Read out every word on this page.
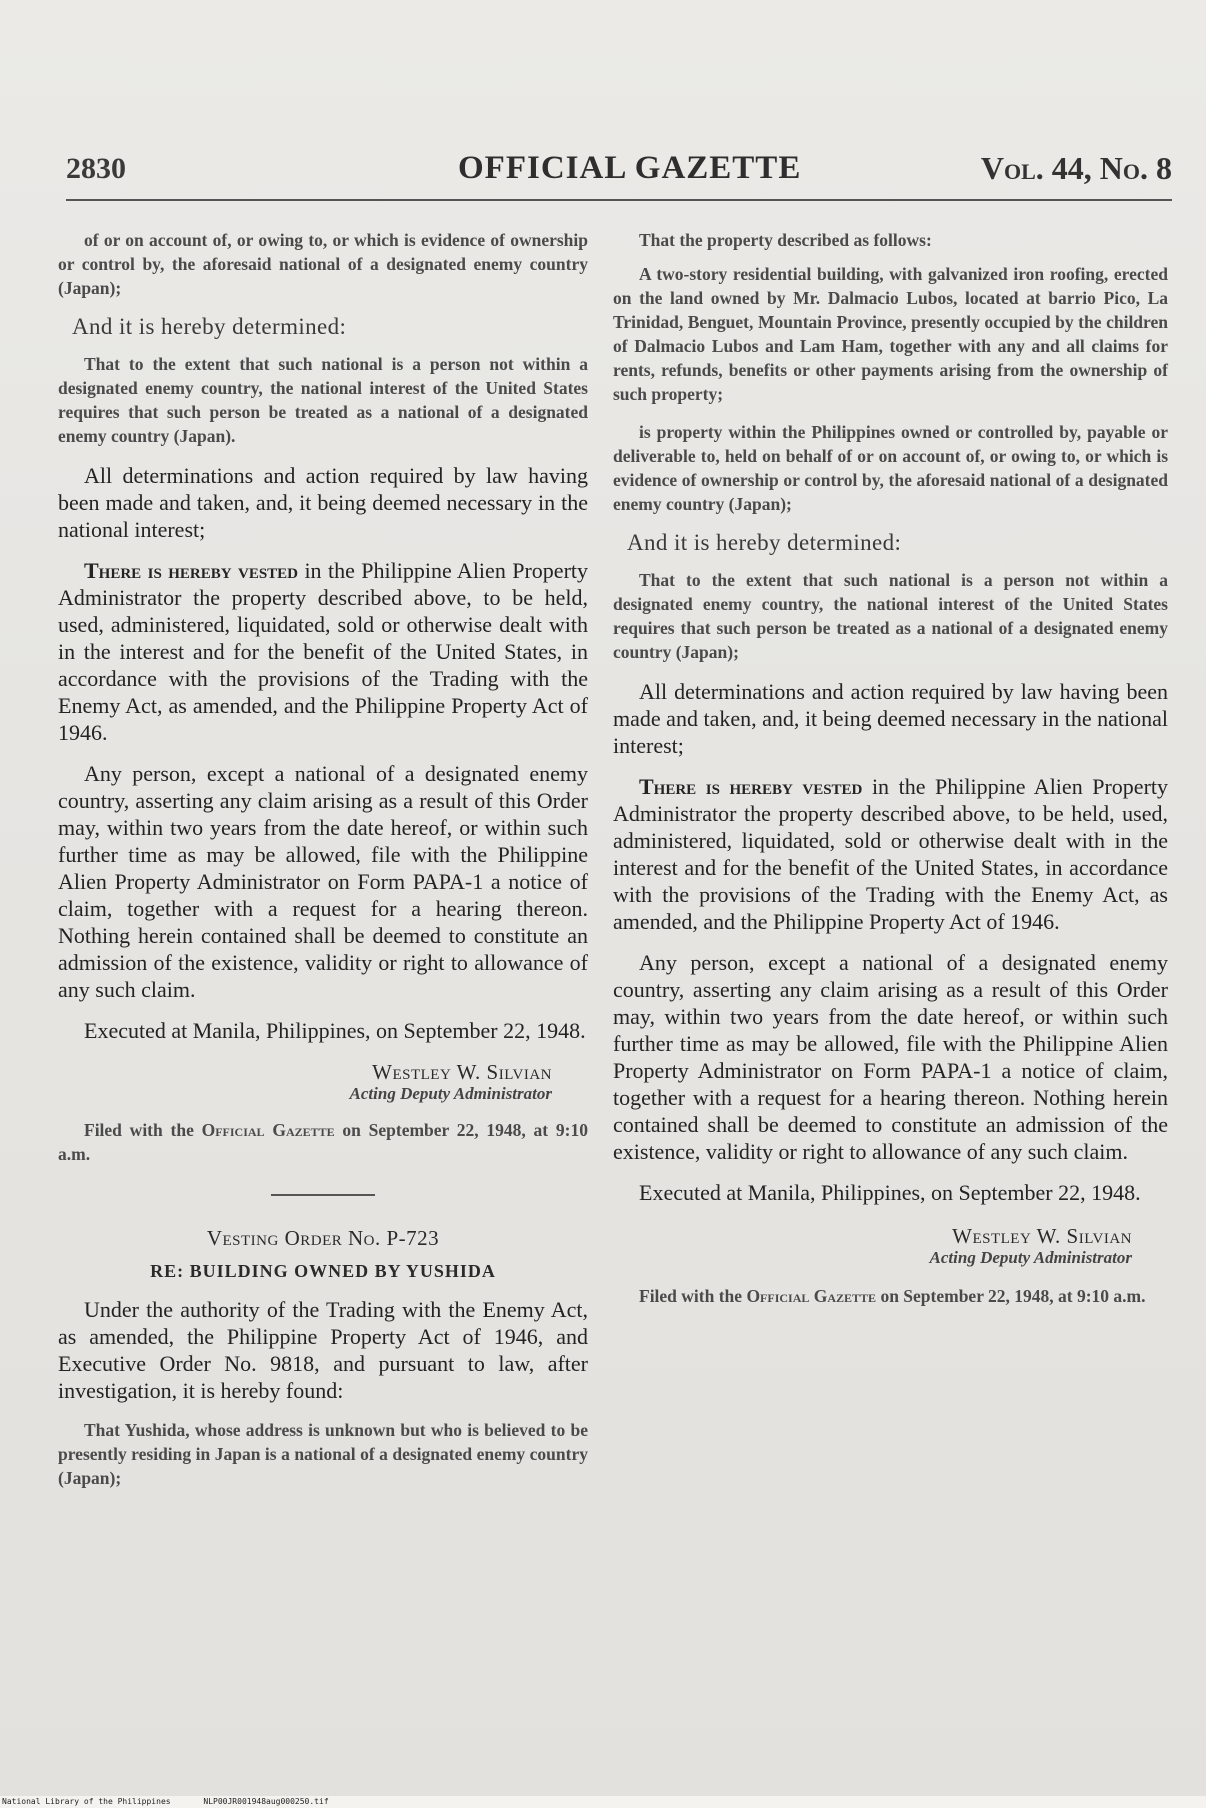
2830	OFFICIAL GAZETTE	Vol. 44, No. 8

of or on account of, or owing to, or which is evidence of ownership or control by, the aforesaid national of a designated enemy country (Japan);

And it is hereby determined:

That to the extent that such national is a person not within a designated enemy country, the national interest of the United States requires that such person be treated as a national of a designated enemy country (Japan).

All determinations and action required by law having been made and taken, and, it being deemed necessary in the national interest;

There is hereby vested in the Philippine Alien Property Administrator the property described above, to be held, used, administered, liquidated, sold or otherwise dealt with in the interest and for the benefit of the United States, in accordance with the provisions of the Trading with the Enemy Act, as amended, and the Philippine Property Act of 1946.

Any person, except a national of a designated enemy country, asserting any claim arising as a result of this Order may, within two years from the date hereof, or within such further time as may be allowed, file with the Philippine Alien Property Administrator on Form PAPA-1 a notice of claim, together with a request for a hearing thereon. Nothing herein contained shall be deemed to constitute an admission of the existence, validity or right to allowance of any such claim.

Executed at Manila, Philippines, on September 22, 1948.

Westley W. Silvian
Acting Deputy Administrator

Filed with the Official Gazette on September 22, 1948, at 9:10 a.m.

Vesting Order No. P-723
RE: BUILDING OWNED BY YUSHIDA

Under the authority of the Trading with the Enemy Act, as amended, the Philippine Property Act of 1946, and Executive Order No. 9818, and pursuant to law, after investigation, it is hereby found:

That Yushida, whose address is unknown but who is believed to be presently residing in Japan is a national of a designated enemy country (Japan);

That the property described as follows:

A two-story residential building, with galvanized iron roofing, erected on the land owned by Mr. Dalmacio Lubos, located at barrio Pico, La Trinidad, Benguet, Mountain Province, presently occupied by the children of Dalmacio Lubos and Lam Ham, together with any and all claims for rents, refunds, benefits or other payments arising from the ownership of such property;

is property within the Philippines owned or controlled by, payable or deliverable to, held on behalf of or on account of, or owing to, or which is evidence of ownership or control by, the aforesaid national of a designated enemy country (Japan);

And it is hereby determined:

That to the extent that such national is a person not within a designated enemy country, the national interest of the United States requires that such person be treated as a national of a designated enemy country (Japan);

All determinations and action required by law having been made and taken, and, it being deemed necessary in the national interest;

There is hereby vested in the Philippine Alien Property Administrator the property described above, to be held, used, administered, liquidated, sold or otherwise dealt with in the interest and for the benefit of the United States, in accordance with the provisions of the Trading with the Enemy Act, as amended, and the Philippine Property Act of 1946.

Any person, except a national of a designated enemy country, asserting any claim arising as a result of this Order may, within two years from the date hereof, or within such further time as may be allowed, file with the Philippine Alien Property Administrator on Form PAPA-1 a notice of claim, together with a request for a hearing thereon. Nothing herein contained shall be deemed to constitute an admission of the existence, validity or right to allowance of any such claim.

Executed at Manila, Philippines, on September 22, 1948.

Westley W. Silvian
Acting Deputy Administrator

Filed with the Official Gazette on September 22, 1948, at 9:10 a.m.

National Library of the Philippines	NLP00JR001948aug000250.tif
